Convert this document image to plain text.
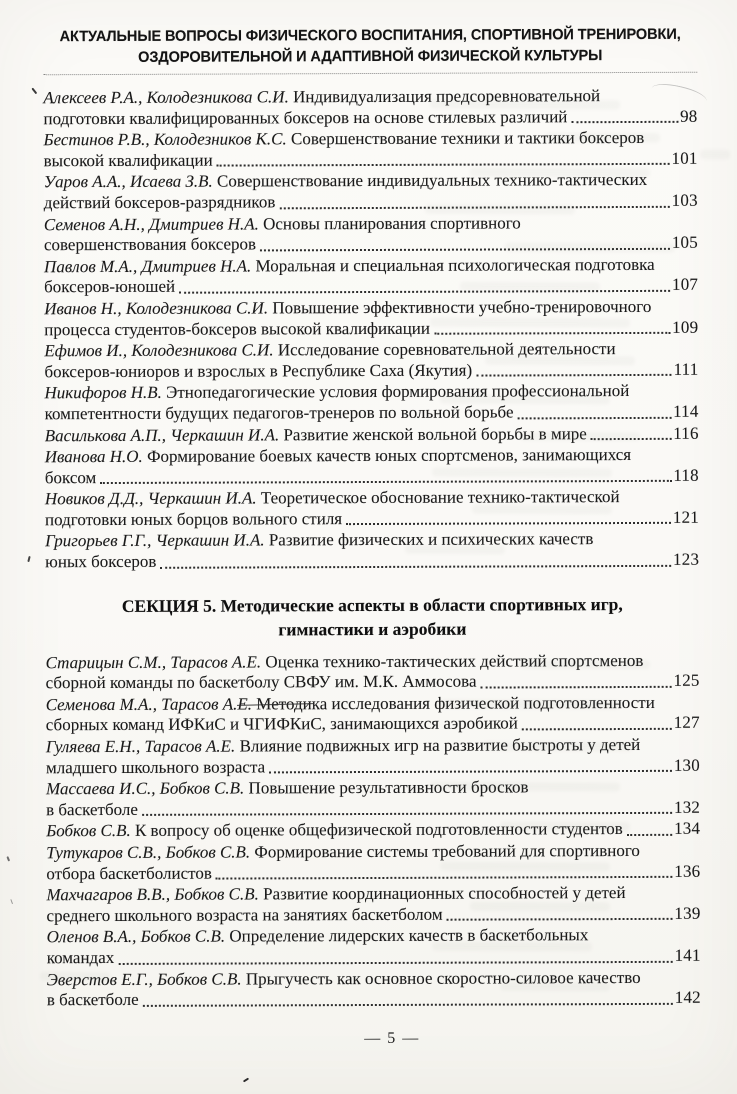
АКТУАЛЬНЫЕ ВОПРОСЫ ФИЗИЧЕСКОГО ВОСПИТАНИЯ, СПОРТИВНОЙ ТРЕНИРОВКИ,
ОЗДОРОВИТЕЛЬНОЙ И АДАПТИВНОЙ ФИЗИЧЕСКОЙ КУЛЬТУРЫ
Алексеев Р.А., Колодезникова С.И. Индивидуализация предсоревновательной
подготовки квалифицированных боксеров на основе стилевых различий	98
Бестинов Р.В., Колодезников К.С. Совершенствование техники и тактики боксеров
высокой квалификации	101
Уаров А.А., Исаева З.В. Совершенствование индивидуальных технико-тактических
действий боксеров-разрядников	103
Семенов А.Н., Дмитриев Н.А. Основы планирования спортивного
совершенствования боксеров	105
Павлов М.А., Дмитриев Н.А. Моральная и специальная психологическая подготовка
боксеров-юношей	107
Иванов Н., Колодезникова С.И. Повышение эффективности учебно-тренировочного
процесса студентов-боксеров высокой квалификации	109
Ефимов И., Колодезникова С.И. Исследование соревновательной деятельности
боксеров-юниоров и взрослых в Республике Саха (Якутия)	111
Никифоров Н.В. Этнопедагогические условия формирования профессиональной
компетентности будущих педагогов-тренеров по вольной борьбе	114
Василькова А.П., Черкашин И.А. Развитие женской вольной борьбы в мире	116
Иванова Н.О. Формирование боевых качеств юных спортсменов, занимающихся
боксом	118
Новиков Д.Д., Черкашин И.А. Теоретическое обоснование технико-тактической
подготовки юных борцов вольного стиля	121
Григорьев Г.Г., Черкашин И.А. Развитие физических и психических качеств
юных боксеров	123
СЕКЦИЯ 5. Методические аспекты в области спортивных игр,
гимнастики и аэробики
Старицын С.М., Тарасов А.Е. Оценка технико-тактических действий спортсменов
сборной команды по баскетболу СВФУ им. М.К. Аммосова	125
Семенова М.А., Тарасов А.Е. Методика исследования физической подготовленности
сборных команд ИФКиС и ЧГИФКиС, занимающихся аэробикой	127
Гуляева Е.Н., Тарасов А.Е. Влияние подвижных игр на развитие быстроты у детей
младшего школьного возраста	130
Массаева И.С., Бобков С.В. Повышение результативности бросков
в баскетболе	132
Бобков С.В. К вопросу об оценке общефизической подготовленности студентов	134
Тутукаров С.В., Бобков С.В. Формирование системы требований для спортивного
отбора баскетболистов	136
Махчагаров В.В., Бобков С.В. Развитие координационных способностей у детей
среднего школьного возраста на занятиях баскетболом	139
Оленов В.А., Бобков С.В. Определение лидерских качеств в баскетбольных
командах	141
Эверстов Е.Г., Бобков С.В. Прыгучесть как основное скоростно-силовое качество
в баскетболе	142
— 5 —
